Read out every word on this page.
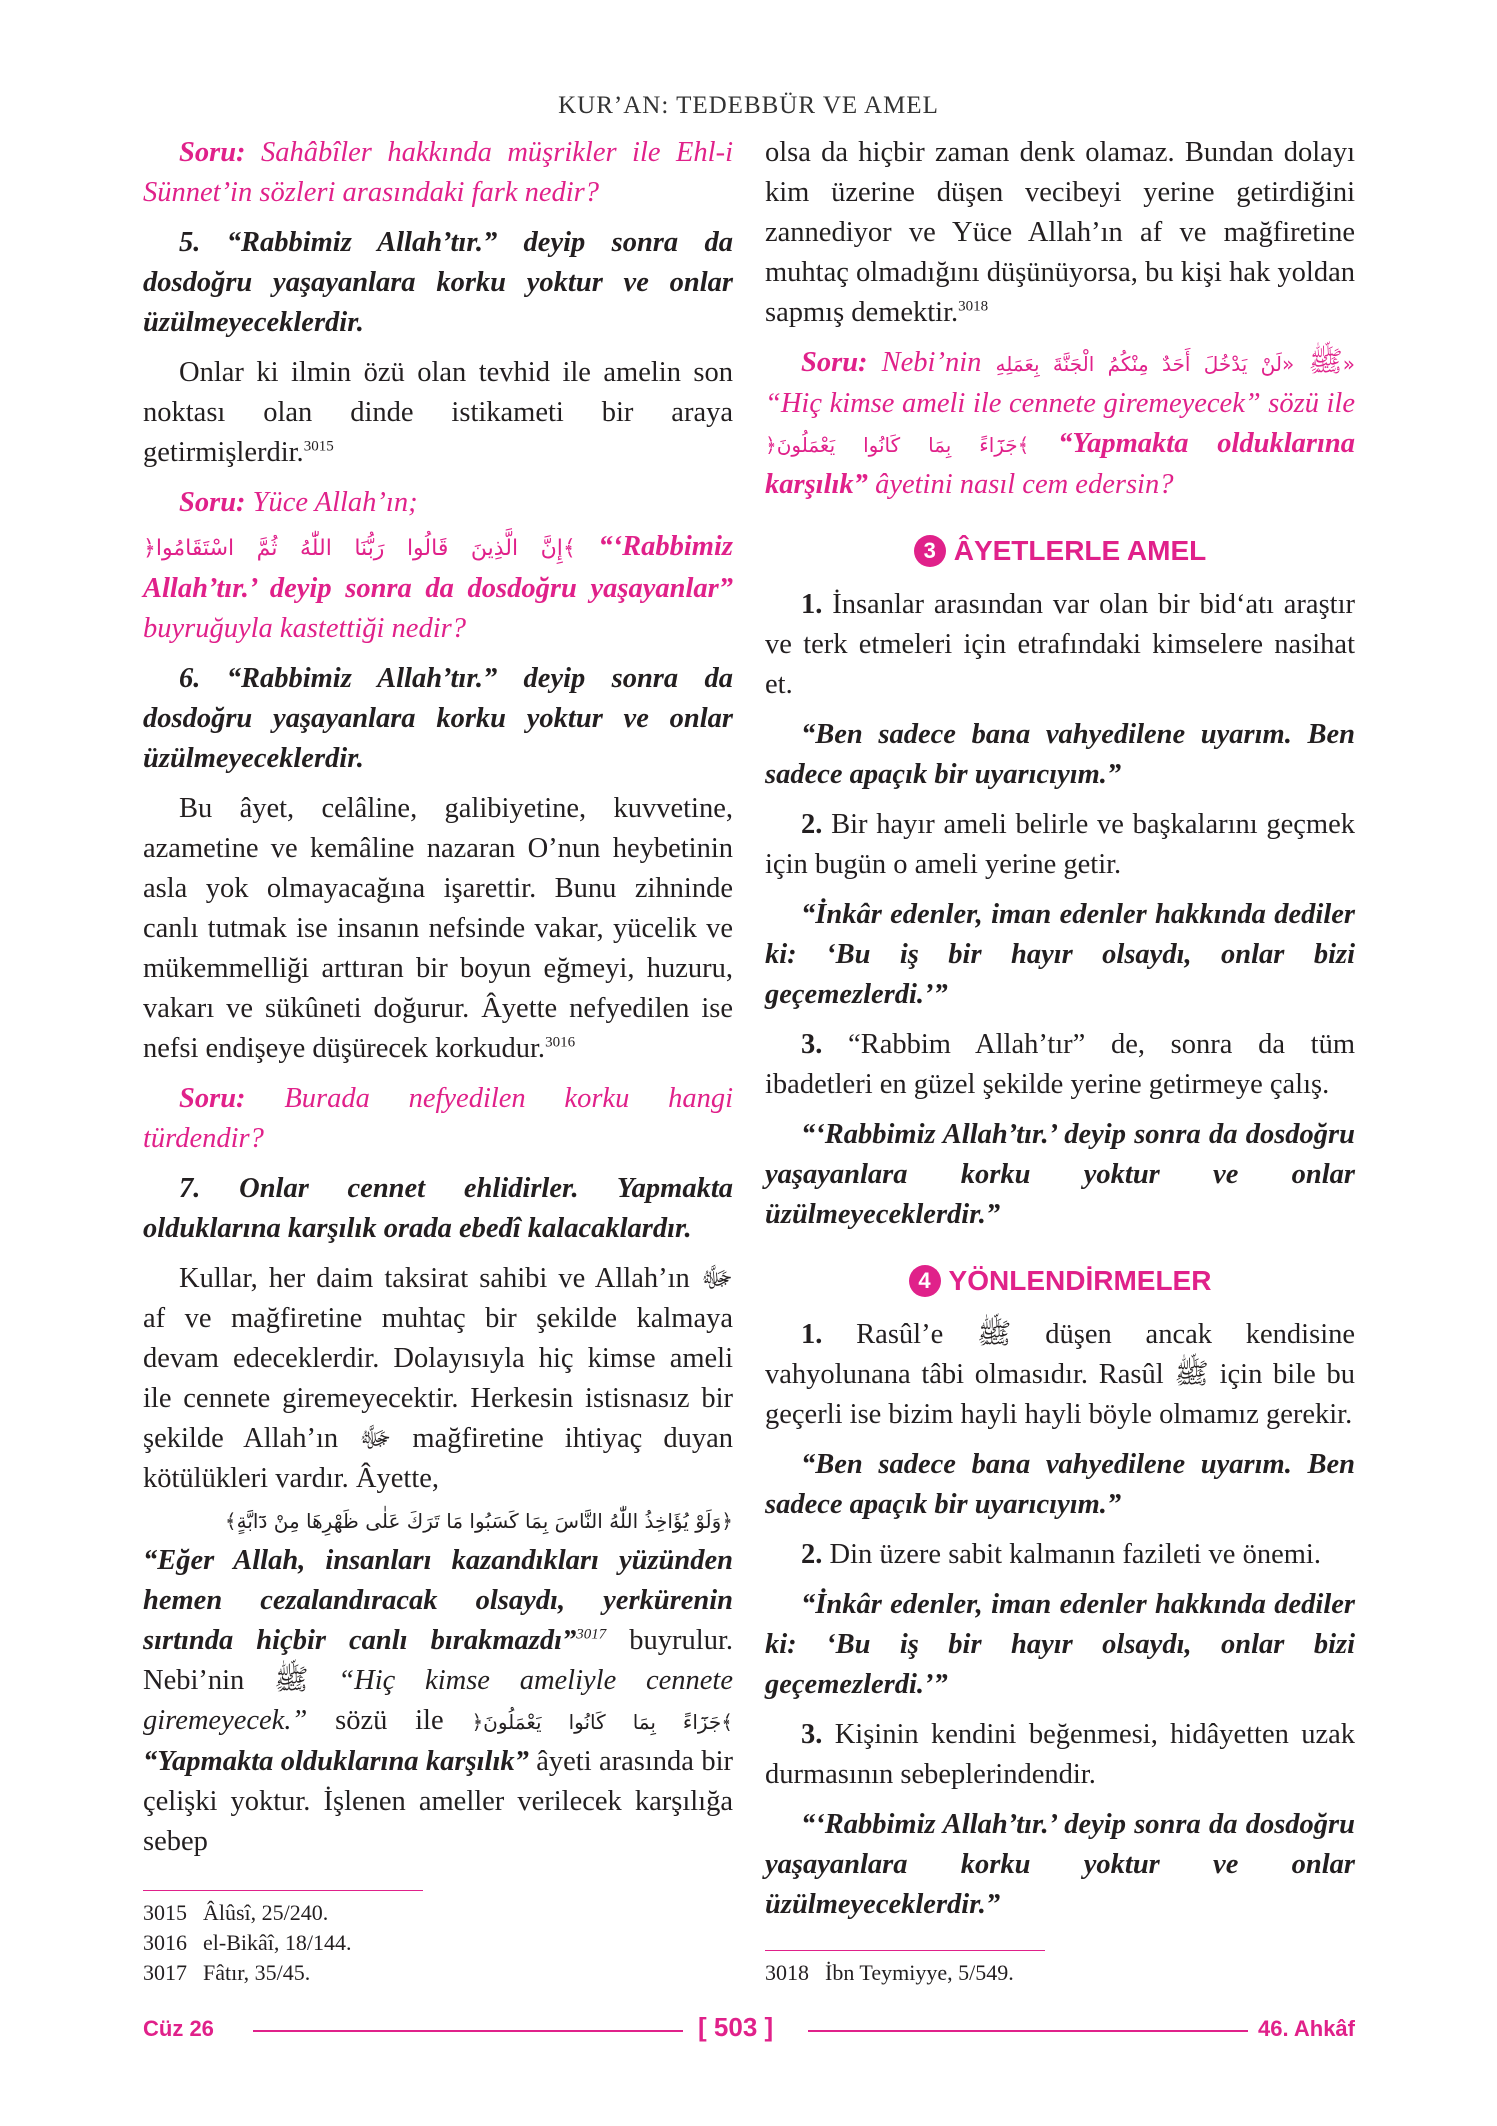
KUR’AN: TEDEBBÜR VE AMEL

Soru: Sahâbîler hakkında müşrikler ile Ehl-i Sünnet’in sözleri arasındaki fark nedir?

5. “Rabbimiz Allah’tır.” deyip sonra da dosdoğru yaşayanlara korku yoktur ve onlar üzülmeyeceklerdir.

Onlar ki ilmin özü olan tevhid ile amelin son noktası olan dinde istikameti bir araya getirmişlerdir.$^{3015}$

Soru: Yüce Allah’ın;

﴿إِنَّ الَّذِينَ قَالُوا رَبُّنَا اللّٰهُ ثُمَّ اسْتَقَامُوا﴾ “‘Rabbimiz Allah’tır.’ deyip sonra da dosdoğru yaşayanlar” buyruğuyla kastettiği nedir?

6. “Rabbimiz Allah’tır.” deyip sonra da dosdoğru yaşayanlara korku yoktur ve onlar üzülmeyeceklerdir.

Bu âyet, celâline, galibiyetine, kuvvetine, azametine ve kemâline nazaran O’nun heybetinin asla yok olmayacağına işarettir. Bunu zihninde canlı tutmak ise insanın nefsinde vakar, yücelik ve mükemmelliği arttıran bir boyun eğmeyi, huzuru, vakarı ve sükûneti doğurur. Âyette nefyedilen ise nefsi endişeye düşürecek korkudur.$^{3016}$

Soru: Burada nefyedilen korku hangi türdendir?

7. Onlar cennet ehlidirler. Yapmakta olduklarına karşılık orada ebedî kalacaklardır.

Kullar, her daim taksirat sahibi ve Allah’ın ﷻ af ve mağfiretine muhtaç bir şekilde kalmaya devam edeceklerdir. Dolayısıyla hiç kimse ameli ile cennete giremeyecektir. Herkesin istisnasız bir şekilde Allah’ın ﷻ mağfiretine ihtiyaç duyan kötülükleri vardır. Âyette,

﴿وَلَوْ يُؤَاخِذُ اللّٰهُ النَّاسَ بِمَا كَسَبُوا مَا تَرَكَ عَلٰى ظَهْرِهَا مِنْ دَٓابَّةٍ﴾
“Eğer Allah, insanları kazandıkları yüzünden hemen cezalandıracak olsaydı, yerkürenin sırtında hiçbir canlı bırakmazdı”$^{3017}$ buyrulur. Nebi’nin ﷺ “Hiç kimse ameliyle cennete giremeyecek.” sözü ile ﴿جَزَٓاءً بِمَا كَانُوا يَعْمَلُونَ﴾ “Yapmakta olduklarına karşılık” âyeti arasında bir çelişki yoktur. İşlenen ameller verilecek karşılığa sebep

olsa da hiçbir zaman denk olamaz. Bundan dolayı kim üzerine düşen vecibeyi yerine getirdiğini zannediyor ve Yüce Allah’ın af ve mağfiretine muhtaç olmadığını düşünüyorsa, bu kişi hak yoldan sapmış demektir.$^{3018}$

Soru: Nebi’nin	ﷺ «لَنْ يَدْخُلَ أَحَدٌ مِنْكُمُ الْجَنَّةَ بِعَمَلِهِ» “Hiç kimse ameli ile cennete giremeyecek” sözü ile ﴿جَزَٓاءً بِمَا كَانُوا يَعْمَلُونَ﴾ “Yapmakta olduklarına karşılık” âyetini nasıl cem edersin?

3 ÂYETLERLE AMEL

1. İnsanlar arasından var olan bir bid‘atı araştır ve terk etmeleri için etrafındaki kimselere nasihat et.

“Ben sadece bana vahyedilene uyarım. Ben sadece apaçık bir uyarıcıyım.”

2. Bir hayır ameli belirle ve başkalarını geçmek için bugün o ameli yerine getir.

“İnkâr edenler, iman edenler hakkında dediler ki: ‘Bu iş bir hayır olsaydı, onlar bizi geçemezlerdi.’”

3. “Rabbim Allah’tır” de, sonra da tüm ibadetleri en güzel şekilde yerine getirmeye çalış.

“‘Rabbimiz Allah’tır.’ deyip sonra da dosdoğru yaşayanlara korku yoktur ve onlar üzülmeyeceklerdir.”

4 YÖNLENDİRMELER

1. Rasûl’e ﷺ düşen ancak kendisine vahyolunana tâbi olmasıdır. Rasûl ﷺ için bile bu geçerli ise bizim hayli hayli böyle olmamız gerekir.

“Ben sadece bana vahyedilene uyarım. Ben sadece apaçık bir uyarıcıyım.”

2. Din üzere sabit kalmanın fazileti ve önemi.

“İnkâr edenler, iman edenler hakkında dediler ki: ‘Bu iş bir hayır olsaydı, onlar bizi geçemezlerdi.’”

3. Kişinin kendini beğenmesi, hidâyetten uzak durmasının sebeplerindendir.

“‘Rabbimiz Allah’tır.’ deyip sonra da dosdoğru yaşayanlara korku yoktur ve onlar üzülmeyeceklerdir.”

3015 Âlûsî, 25/240.
3016 el-Bikâî, 18/144.
3017 Fâtır, 35/45.	3018 İbn Teymiyye, 5/549.
Cüz 26	[ 503 ]	46. Ahkâf
